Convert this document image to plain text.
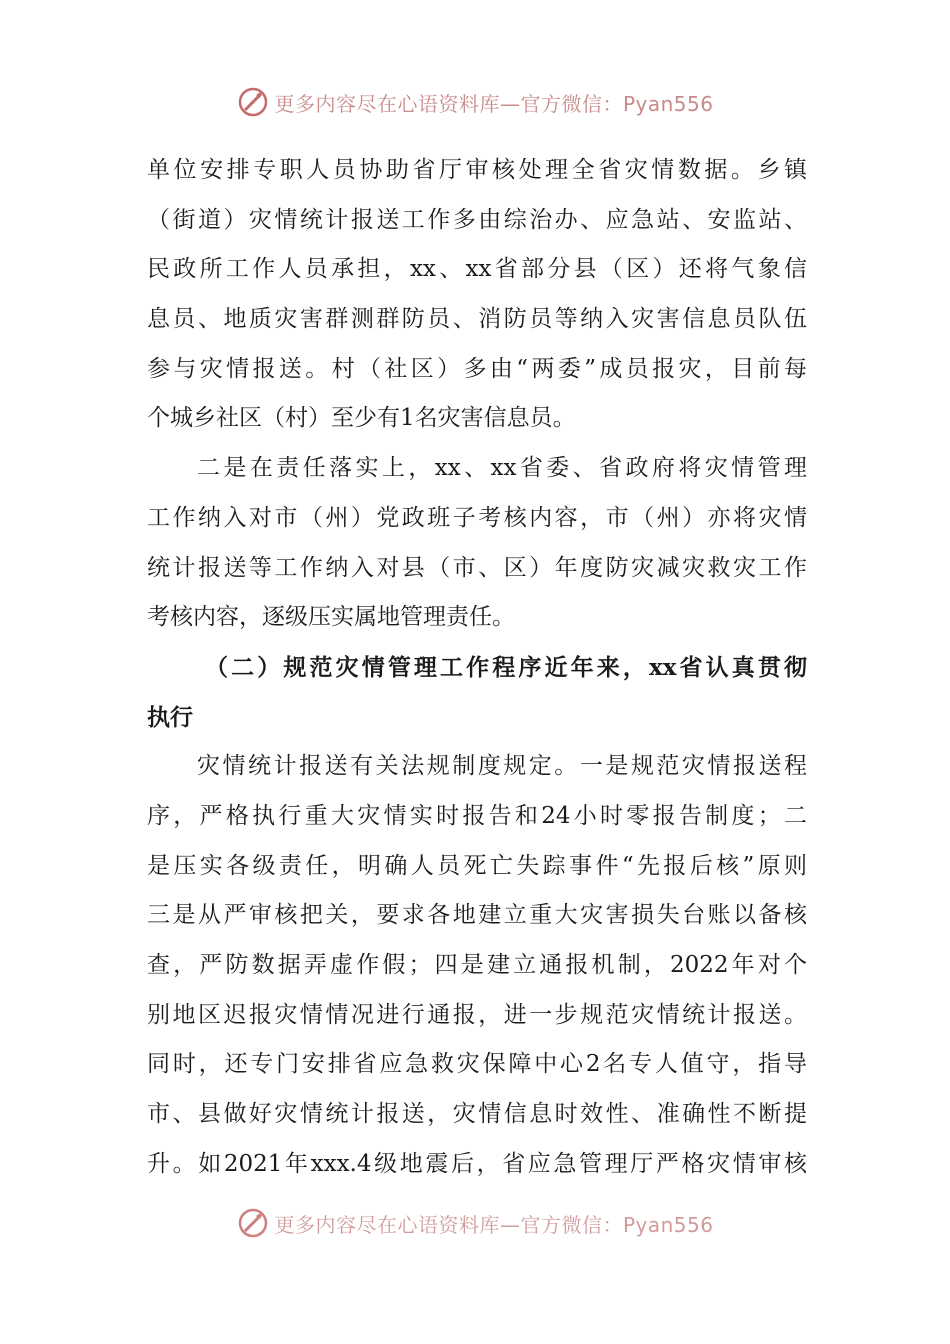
更多内容尽在心语资料库—官方微信：Pyan556
单位安排专职人员协助省厅审核处理全省灾情数据。乡镇
（街道）灾情统计报送工作多由综治办、应急站、安监站、
民政所工作人员承担，xx、xx省部分县（区）还将气象信
息员、地质灾害群测群防员、消防员等纳入灾害信息员队伍
参与灾情报送。村（社区）多由“两委”成员报灾，目前每
个城乡社区（村）至少有1名灾害信息员。
二是在责任落实上，xx、xx省委、省政府将灾情管理
工作纳入对市（州）党政班子考核内容，市（州）亦将灾情
统计报送等工作纳入对县（市、区）年度防灾减灾救灾工作
考核内容，逐级压实属地管理责任。
（二）规范灾情管理工作程序近年来，xx省认真贯彻
执行
灾情统计报送有关法规制度规定。一是规范灾情报送程
序，严格执行重大灾情实时报告和24小时零报告制度；二
是压实各级责任，明确人员死亡失踪事件“先报后核”原则
三是从严审核把关，要求各地建立重大灾害损失台账以备核
查，严防数据弄虚作假；四是建立通报机制，2022年对个
别地区迟报灾情情况进行通报，进一步规范灾情统计报送。
同时，还专门安排省应急救灾保障中心2名专人值守，指导
市、县做好灾情统计报送，灾情信息时效性、准确性不断提
升。如2021年xxx.4级地震后，省应急管理厅严格灾情审核
更多内容尽在心语资料库—官方微信：Pyan556
